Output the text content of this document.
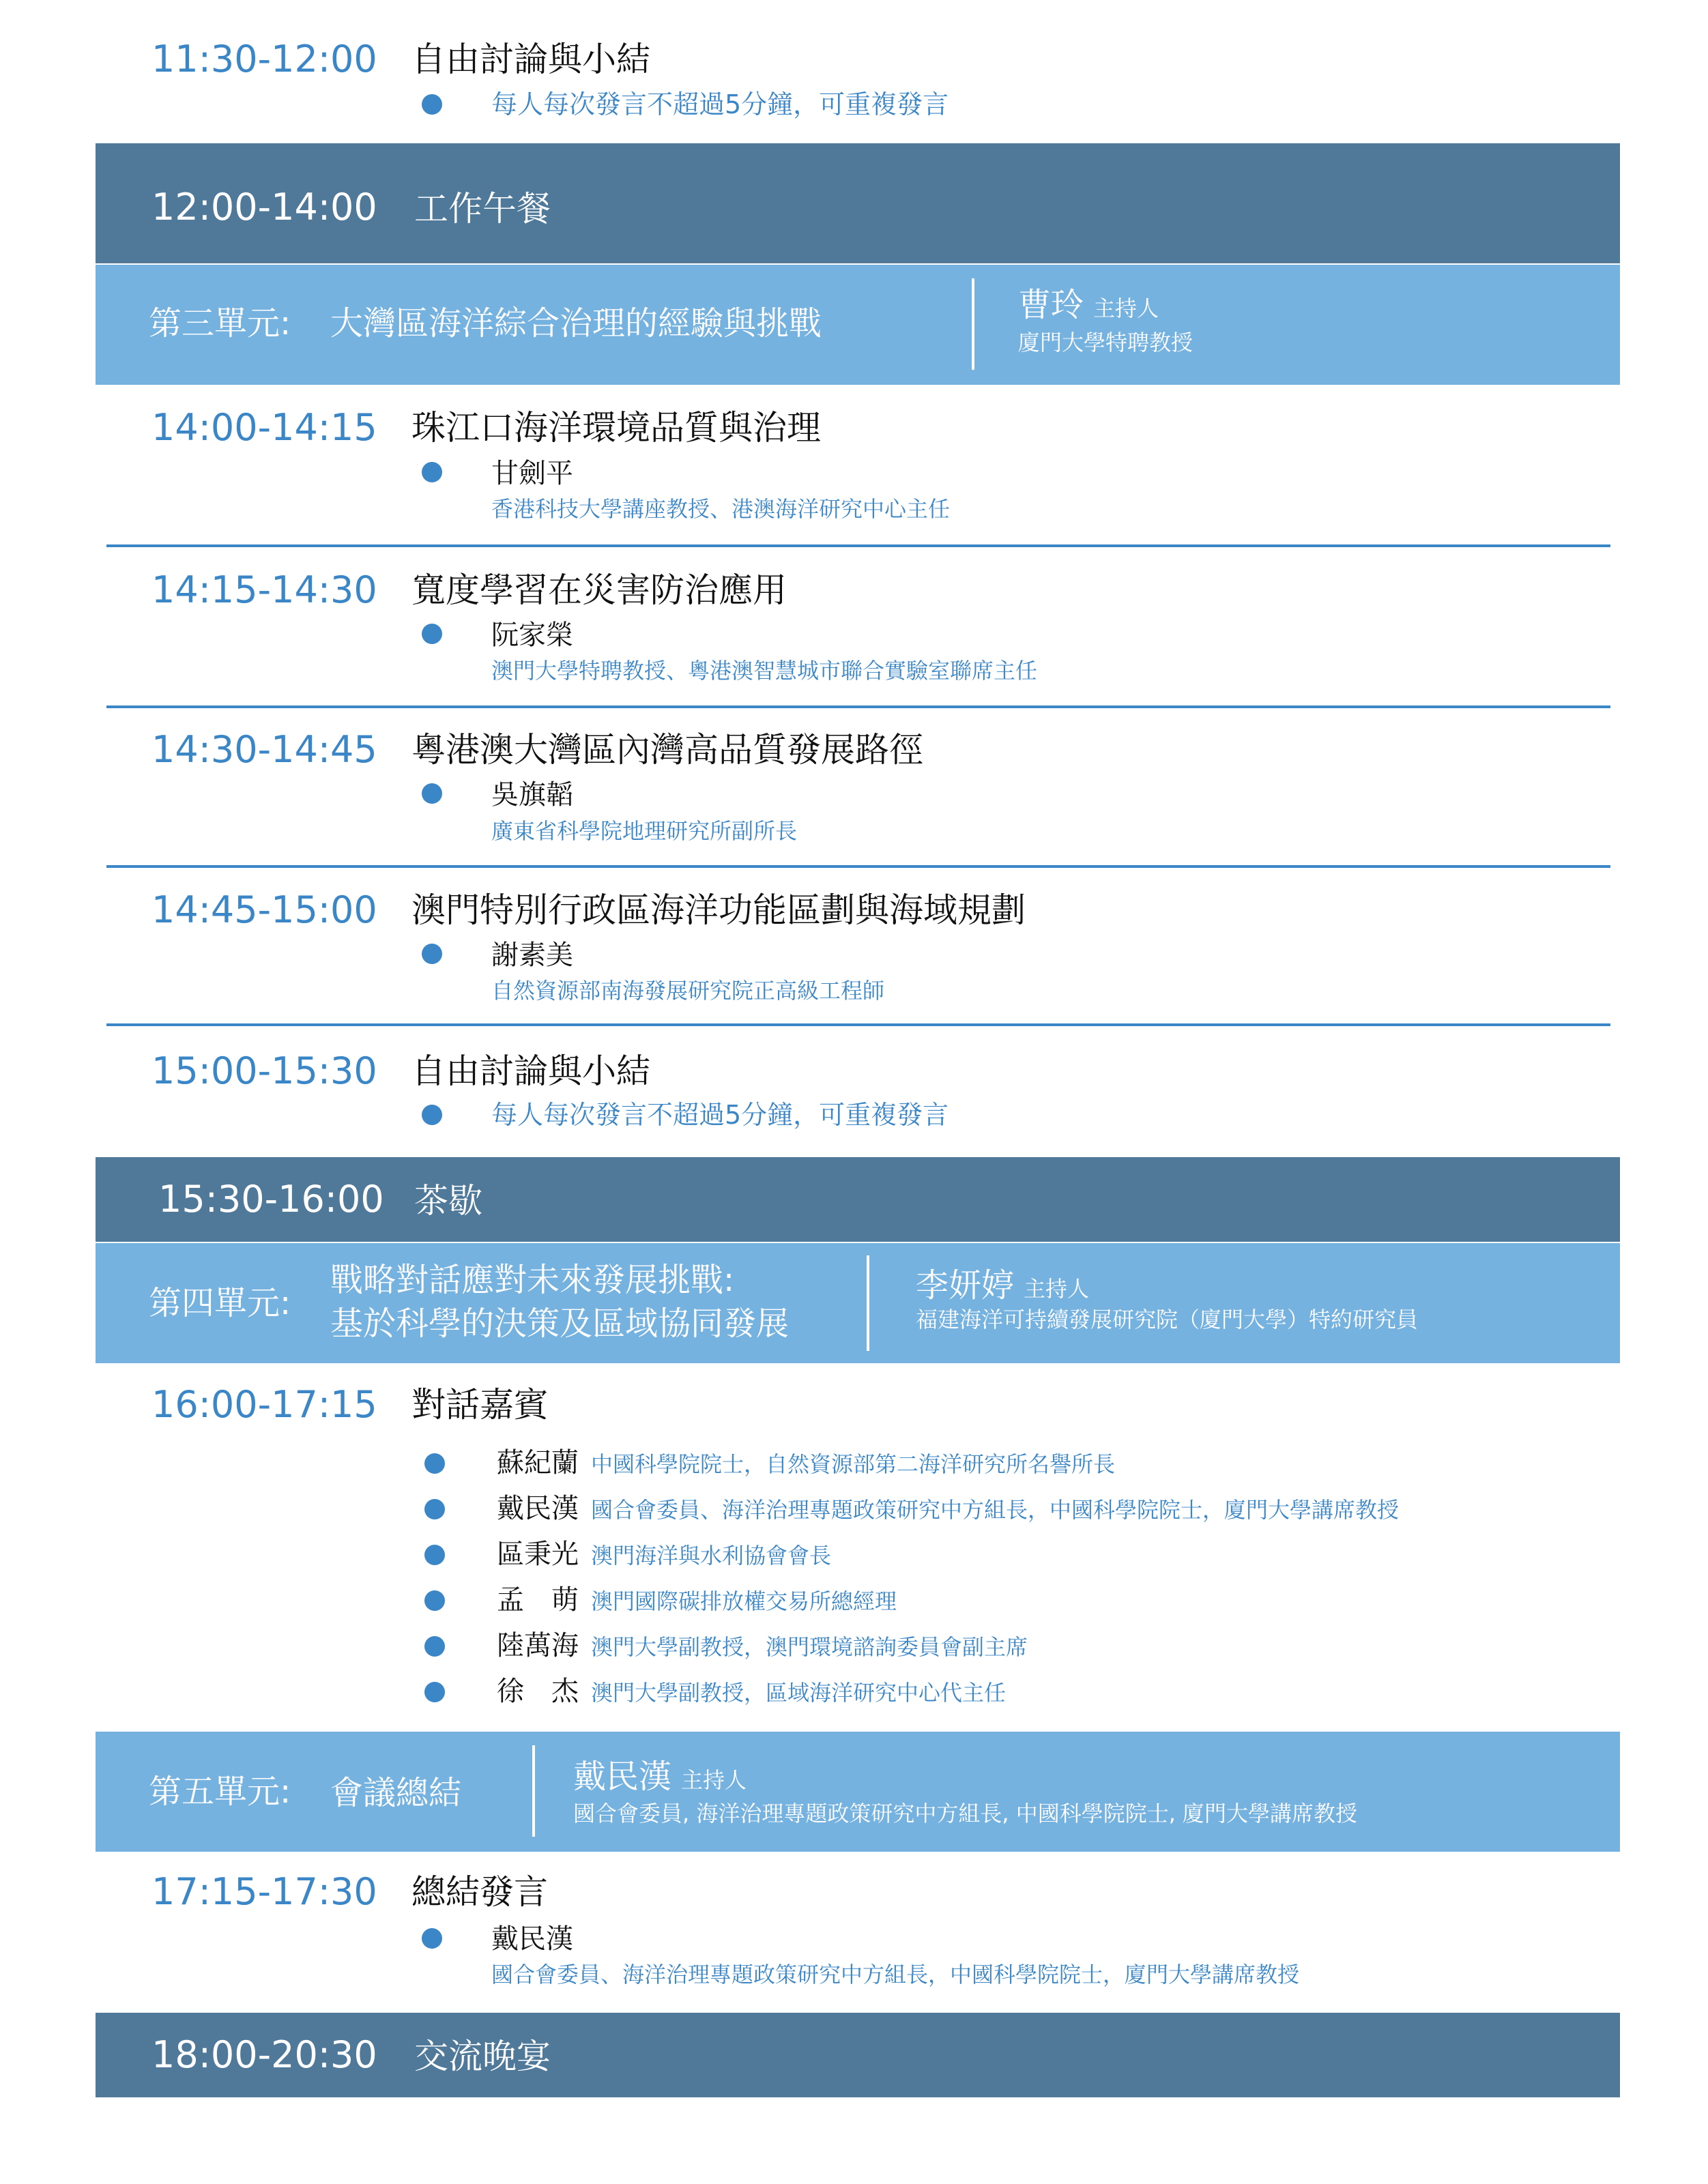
11:30-12:00 自由討論與小結
每人每次發言不超過5分鐘，可重複發言
12:00-14:00 工作午餐
第三單元: 大灣區海洋綜合治理的經驗與挑戰	曹玲 主持人
廈門大學特聘教授
14:00-14:15 珠江口海洋環境品質與治理
甘劍平
香港科技大學講座教授、港澳海洋研究中心主任
14:15-14:30 寬度學習在災害防治應用
阮家榮
澳門大學特聘教授、粵港澳智慧城市聯合實驗室聯席主任
14:30-14:45 粵港澳大灣區內灣高品質發展路徑
吳旗韜
廣東省科學院地理研究所副所長
14:45-15:00 澳門特別行政區海洋功能區劃與海域規劃
謝素美
自然資源部南海發展研究院正高級工程師
15:00-15:30 自由討論與小結
每人每次發言不超過5分鐘，可重複發言
15:30-16:00 茶歇
第四單元:
戰略對話應對未來發展挑戰:
基於科學的決策及區域協同發展
李妍婷 主持人
福建海洋可持續發展研究院（廈門大學）特約研究員
16:00-17:15 對話嘉賓
蘇紀蘭 中國科學院院士，自然資源部第二海洋研究所名譽所長
戴民漢 國合會委員、海洋治理專題政策研究中方組長，中國科學院院士，廈門大學講席教授
區秉光 澳門海洋與水利協會會長
孟　萌 澳門國際碳排放權交易所總經理
陸萬海 澳門大學副教授，澳門環境諮詢委員會副主席
徐　杰 澳門大學副教授，區域海洋研究中心代主任
第五單元: 會議總結	戴民漢 主持人
國合會委員, 海洋治理專題政策研究中方組長, 中國科學院院士, 廈門大學講席教授
17:15-17:30 總結發言
戴民漢
國合會委員、海洋治理專題政策研究中方組長，中國科學院院士，廈門大學講席教授
18:00-20:30 交流晚宴
